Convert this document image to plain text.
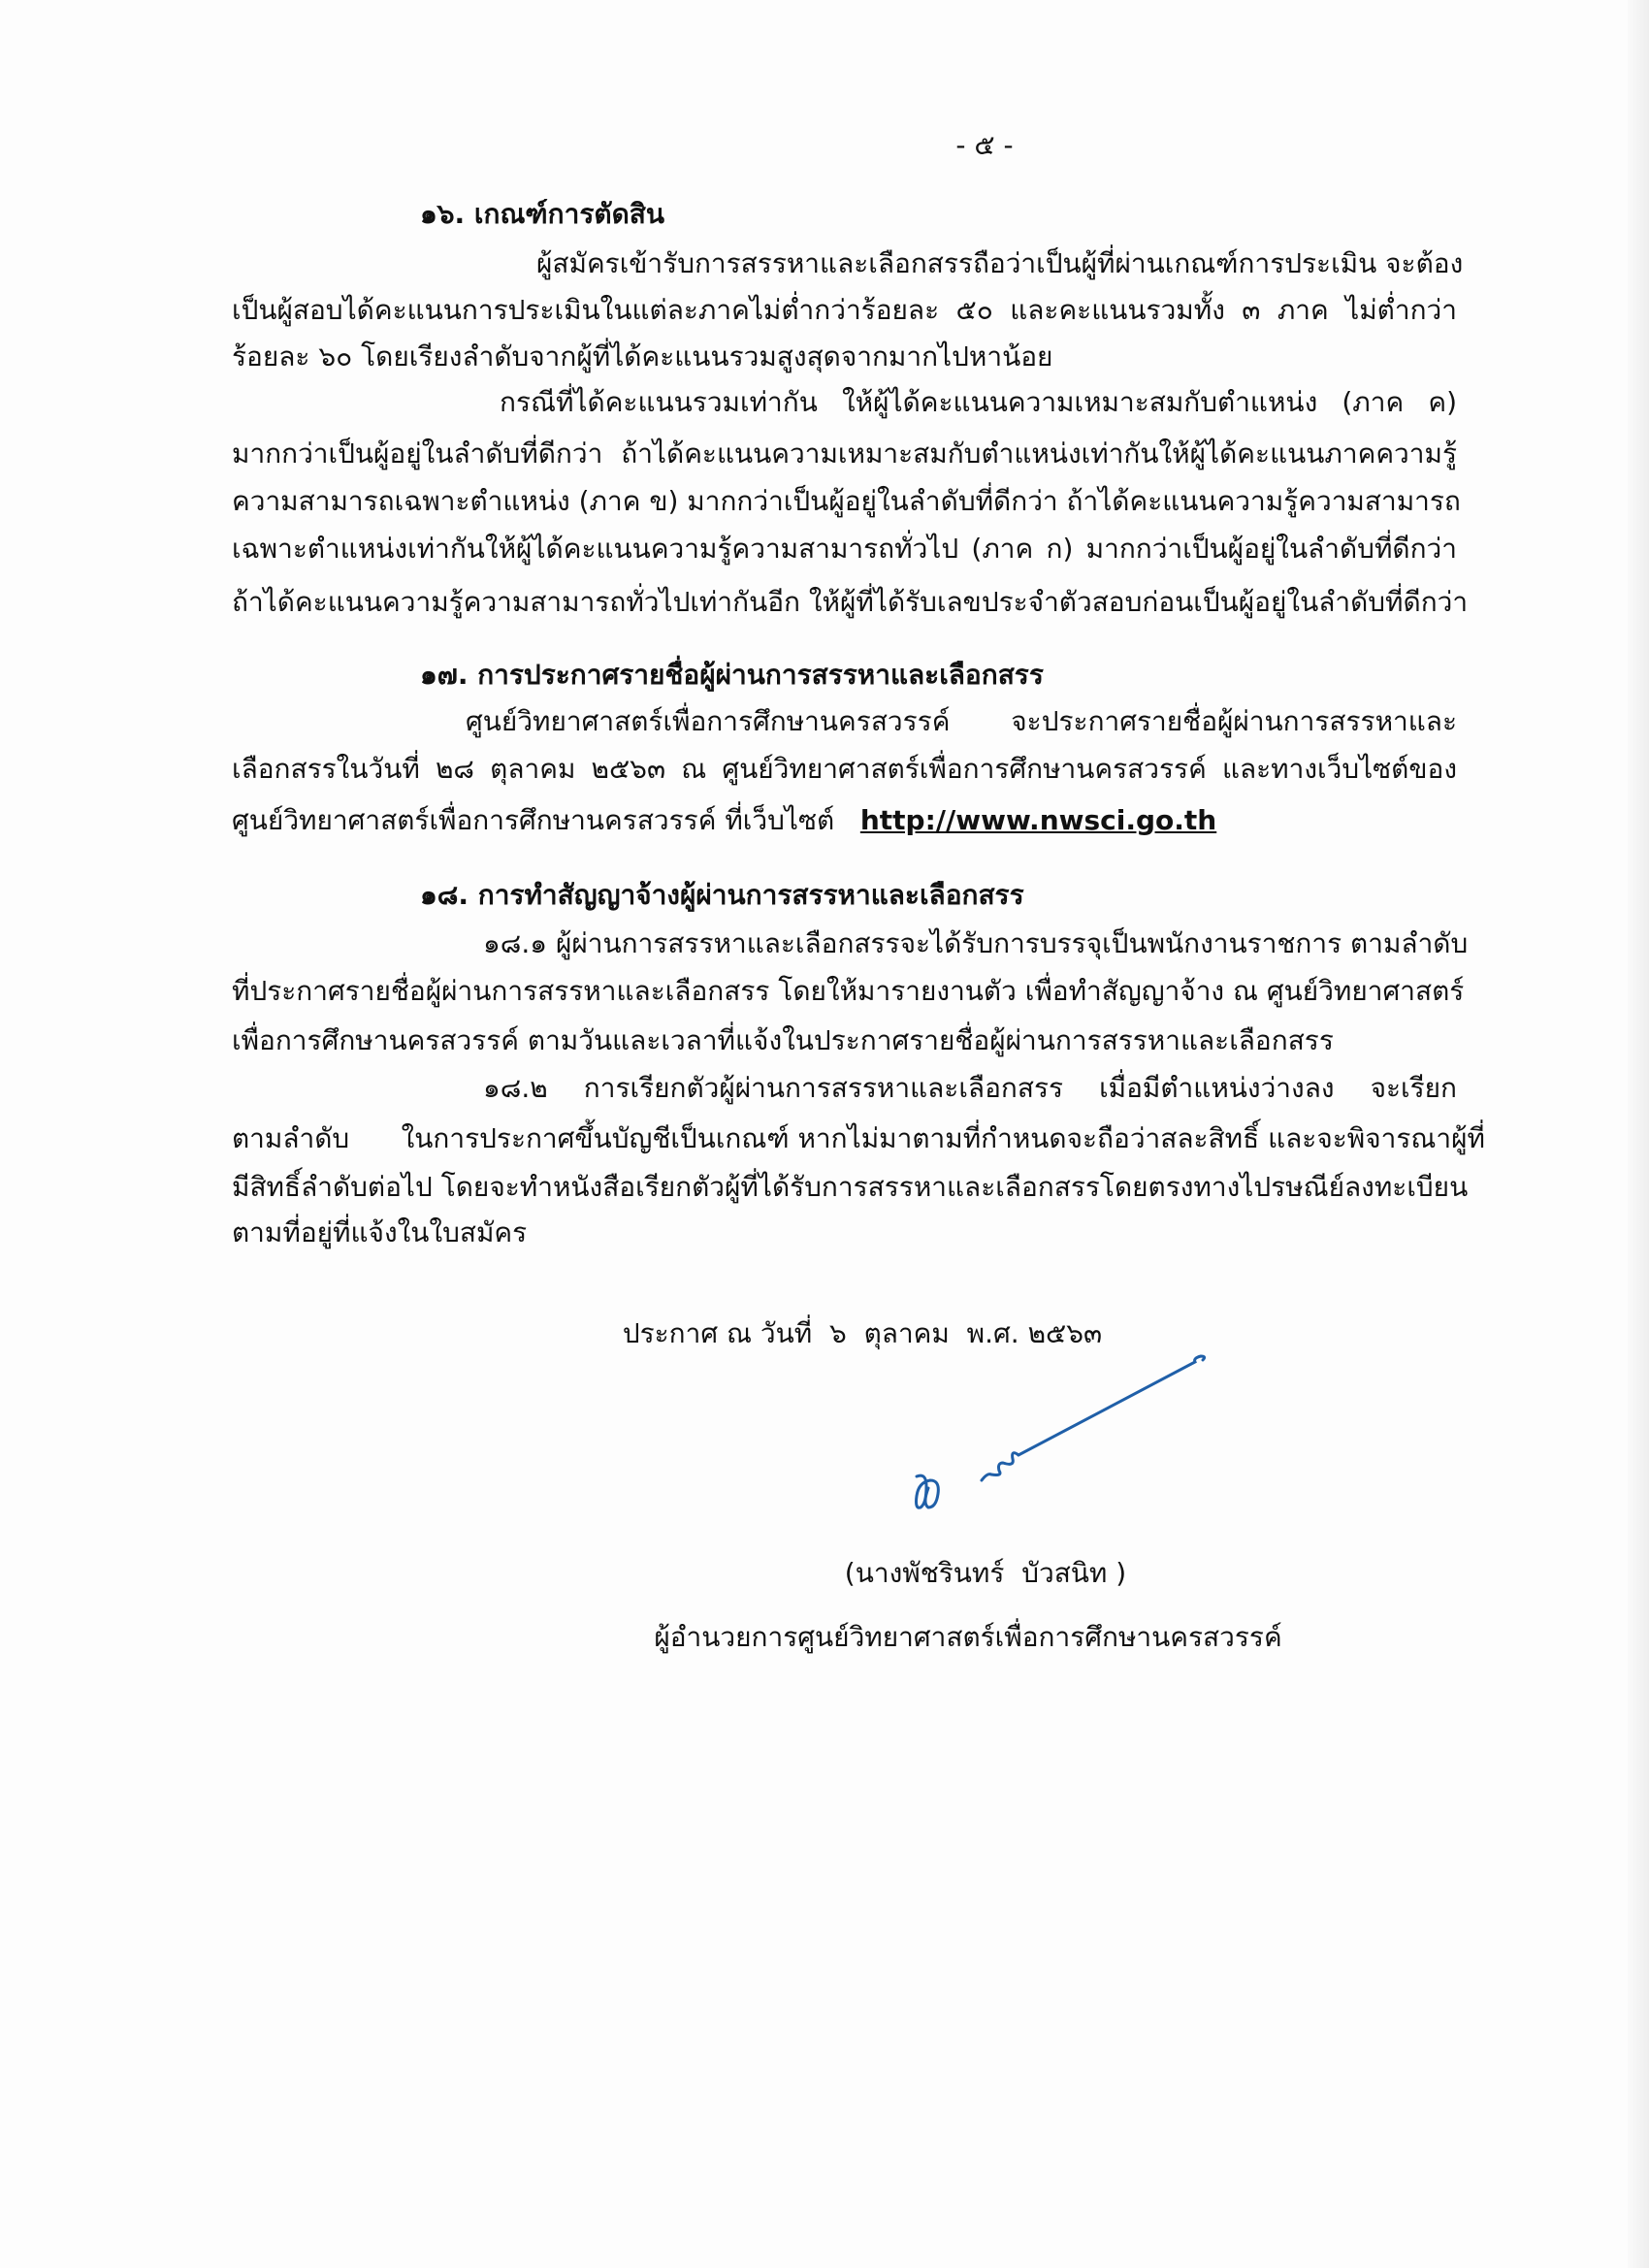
- ๕ -
๑๖. เกณฑ์การตัดสิน
ผู้สมัครเข้ารับการสรรหาและเลือกสรรถือว่าเป็นผู้ที่ผ่านเกณฑ์การประเมิน จะต้อง
เป็นผู้สอบได้คะแนนการประเมินในแต่ละภาคไม่ต่ำกว่าร้อยละ ๕๐ และคะแนนรวมทั้ง ๓ ภาค ไม่ต่ำกว่า
ร้อยละ ๖๐ โดยเรียงลำดับจากผู้ที่ได้คะแนนรวมสูงสุดจากมากไปหาน้อย
กรณีที่ได้คะแนนรวมเท่ากัน ให้ผู้ได้คะแนนความเหมาะสมกับตำแหน่ง (ภาค ค)
มากกว่าเป็นผู้อยู่ในลำดับที่ดีกว่า ถ้าได้คะแนนความเหมาะสมกับตำแหน่งเท่ากันให้ผู้ได้คะแนนภาคความรู้
ความสามารถเฉพาะตำแหน่ง (ภาค ข) มากกว่าเป็นผู้อยู่ในลำดับที่ดีกว่า ถ้าได้คะแนนความรู้ความสามารถ
เฉพาะตำแหน่งเท่ากันให้ผู้ได้คะแนนความรู้ความสามารถทั่วไป (ภาค ก) มากกว่าเป็นผู้อยู่ในลำดับที่ดีกว่า
ถ้าได้คะแนนความรู้ความสามารถทั่วไปเท่ากันอีก ให้ผู้ที่ได้รับเลขประจำตัวสอบก่อนเป็นผู้อยู่ในลำดับที่ดีกว่า
๑๗. การประกาศรายชื่อผู้ผ่านการสรรหาและเลือกสรร
ศูนย์วิทยาศาสตร์เพื่อการศึกษานครสวรรค์ จะประกาศรายชื่อผู้ผ่านการสรรหาและ
เลือกสรรในวันที่ ๒๘ ตุลาคม ๒๕๖๓ ณ ศูนย์วิทยาศาสตร์เพื่อการศึกษานครสวรรค์ และทางเว็บไซต์ของ
ศูนย์วิทยาศาสตร์เพื่อการศึกษานครสวรรค์ ที่เว็บไซต์ http://www.nwsci.go.th
๑๘. การทำสัญญาจ้างผู้ผ่านการสรรหาและเลือกสรร
๑๘.๑ ผู้ผ่านการสรรหาและเลือกสรรจะได้รับการบรรจุเป็นพนักงานราชการ ตามลำดับ
ที่ประกาศรายชื่อผู้ผ่านการสรรหาและเลือกสรร โดยให้มารายงานตัว เพื่อทำสัญญาจ้าง ณ ศูนย์วิทยาศาสตร์
เพื่อการศึกษานครสวรรค์ ตามวันและเวลาที่แจ้งในประกาศรายชื่อผู้ผ่านการสรรหาและเลือกสรร
๑๘.๒ การเรียกตัวผู้ผ่านการสรรหาและเลือกสรร เมื่อมีตำแหน่งว่างลง จะเรียก
ตามลำดับ      ในการประกาศขึ้นบัญชีเป็นเกณฑ์ หากไม่มาตามที่กำหนดจะถือว่าสละสิทธิ์ และจะพิจารณาผู้ที่
มีสิทธิ์ลำดับต่อไป โดยจะทำหนังสือเรียกตัวผู้ที่ได้รับการสรรหาและเลือกสรรโดยตรงทางไปรษณีย์ลงทะเบียน
ตามที่อยู่ที่แจ้งในใบสมัคร
ประกาศ ณ วันที่  ๖  ตุลาคม  พ.ศ. ๒๕๖๓
(นางพัชรินทร์  บัวสนิท )
ผู้อำนวยการศูนย์วิทยาศาสตร์เพื่อการศึกษานครสวรรค์
